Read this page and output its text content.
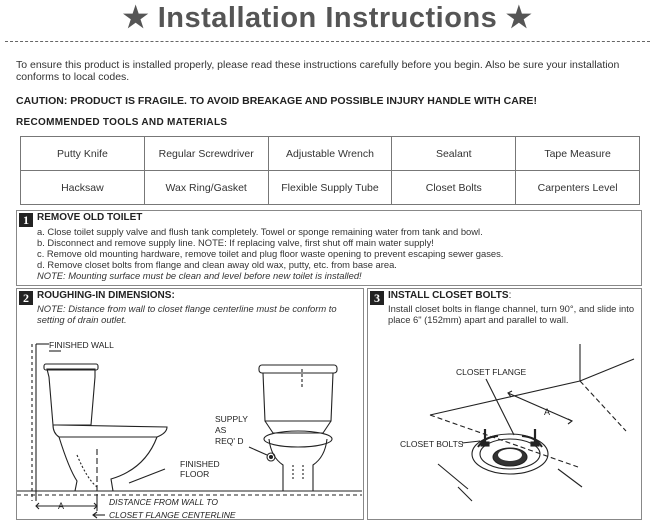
★ Installation Instructions ★
To ensure this product is installed properly, please read these instructions carefully before you begin. Also be sure your installation conforms to local codes.
CAUTION: PRODUCT IS FRAGILE. TO AVOID BREAKAGE AND POSSIBLE INJURY HANDLE WITH CARE!
RECOMMENDED TOOLS AND MATERIALS
Putty Knife	Regular Screwdriver	Adjustable Wrench	Sealant	Tape Measure
Hacksaw	Wax Ring/Gasket	Flexible Supply Tube	Closet Bolts	Carpenters Level
1 REMOVE OLD TOILET
a. Close toilet supply valve and flush tank completely. Towel or sponge remaining water from tank and bowl.
b. Disconnect and remove supply line. NOTE: If replacing valve, first shut off main water supply!
c. Remove old mounting hardware, remove toilet and plug floor waste opening to prevent escaping sewer gases.
d. Remove closet bolts from flange and clean away old wax, putty, etc. from base area.
NOTE: Mounting surface must be clean and level before new toilet is installed!
2 ROUGHING-IN DIMENSIONS:
NOTE: Distance from wall to closet flange centerline must be conform to setting of drain outlet.
FINISHED WALL
SUPPLY
AS
REQ' D
FINISHED
FLOOR
A	DISTANCE FROM WALL TO
CLOSET FLANGE CENTERLINE
3 INSTALL CLOSET BOLTS:
Install closet bolts in flange channel, turn 90°, and slide into place 6" (152mm) apart and parallel to wall.
CLOSET FLANGE
CLOSET BOLTS
A
